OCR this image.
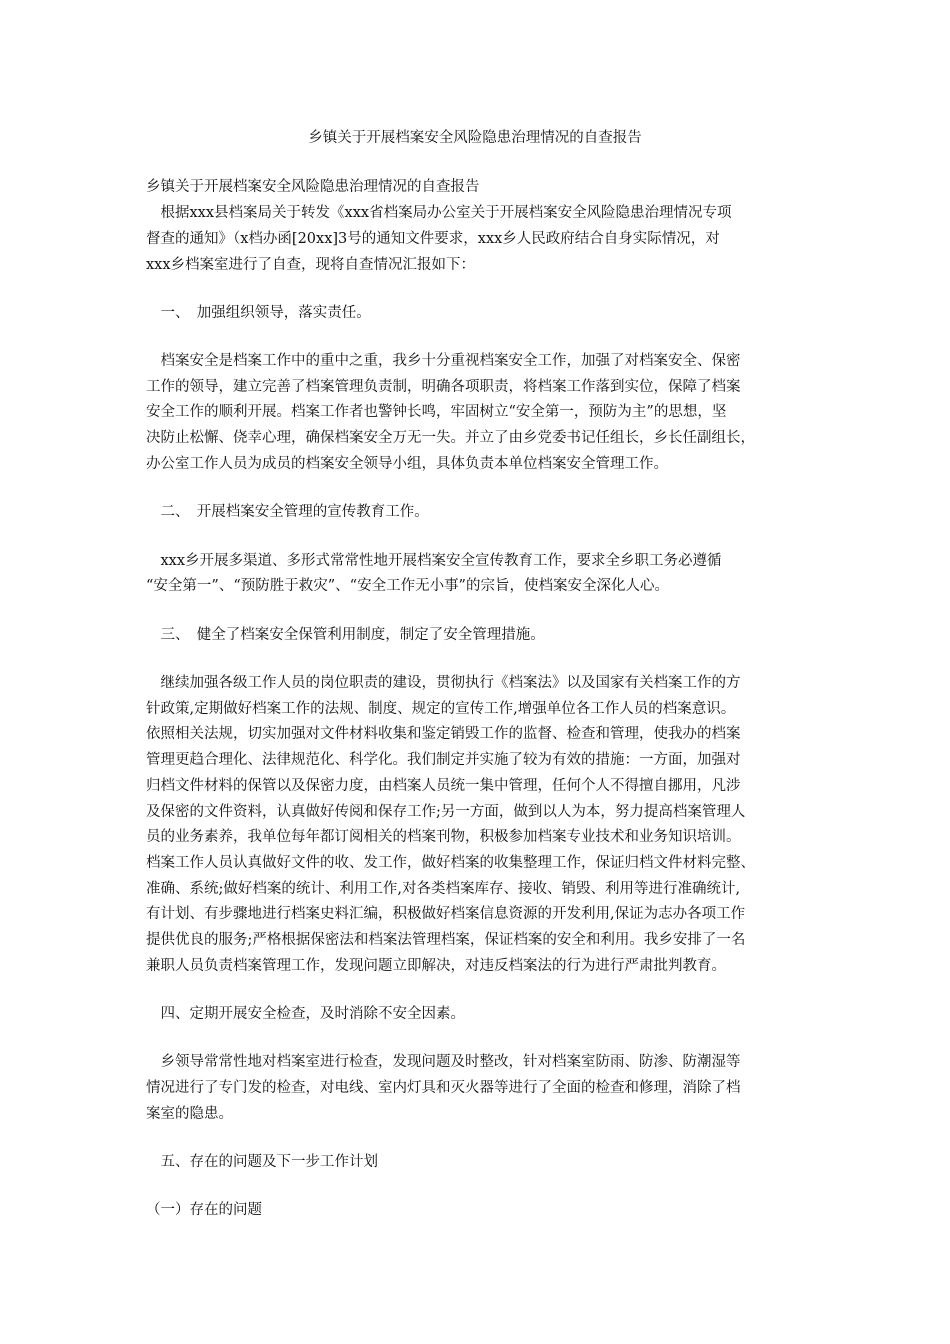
乡镇关于开展档案安全风险隐患治理情况的自查报告
乡镇关于开展档案安全风险隐患治理情况的自查报告
　根据xxx县档案局关于转发《xxx省档案局办公室关于开展档案安全风险隐患治理情况专项
督查的通知》（x档办函[20xx]3号的通知文件要求，xxx乡人民政府结合自身实际情况，对
xxx乡档案室进行了自查，现将自查情况汇报如下：
　一、　加强组织领导，落实责任。
　档案安全是档案工作中的重中之重，我乡十分重视档案安全工作，加强了对档案安全、保密
工作的领导，建立完善了档案管理负责制，明确各项职责，将档案工作落到实位，保障了档案
安全工作的顺利开展。档案工作者也警钟长鸣，牢固树立“安全第一，预防为主”的思想，坚
决防止松懈、侥幸心理，确保档案安全万无一失。并立了由乡党委书记任组长，乡长任副组长，
办公室工作人员为成员的档案安全领导小组，具体负责本单位档案安全管理工作。
　二、　开展档案安全管理的宣传教育工作。
　xxx乡开展多渠道、多形式常常性地开展档案安全宣传教育工作，要求全乡职工务必遵循
“安全第一”、“预防胜于救灾”、“安全工作无小事”的宗旨，使档案安全深化人心。
　三、　健全了档案安全保管利用制度，制定了安全管理措施。
　继续加强各级工作人员的岗位职责的建设，贯彻执行《档案法》以及国家有关档案工作的方
针政策,定期做好档案工作的法规、制度、规定的宣传工作,增强单位各工作人员的档案意识。
依照相关法规，切实加强对文件材料收集和鉴定销毁工作的监督、检查和管理，使我办的档案
管理更趋合理化、法律规范化、科学化。我们制定并实施了较为有效的措施：一方面，加强对
归档文件材料的保管以及保密力度，由档案人员统一集中管理，任何个人不得擅自挪用，凡涉
及保密的文件资料，认真做好传阅和保存工作;另一方面，做到以人为本，努力提高档案管理人
员的业务素养，我单位每年都订阅相关的档案刊物，积极参加档案专业技术和业务知识培训。
档案工作人员认真做好文件的收、发工作，做好档案的收集整理工作，保证归档文件材料完整、
准确、系统;做好档案的统计、利用工作,对各类档案库存、接收、销毁、利用等进行准确统计,
有计划、有步骤地进行档案史料汇编，积极做好档案信息资源的开发利用,保证为志办各项工作
提供优良的服务;严格根据保密法和档案法管理档案，保证档案的安全和利用。我乡安排了一名
兼职人员负责档案管理工作，发现问题立即解决，对违反档案法的行为进行严肃批判教育。
　四、定期开展安全检查，及时消除不安全因素。
　乡领导常常性地对档案室进行检查，发现问题及时整改，针对档案室防雨、防渗、防潮湿等
情况进行了专门发的检查，对电线、室内灯具和灭火器等进行了全面的检查和修理，消除了档
案室的隐患。
　五、存在的问题及下一步工作计划
（一）存在的问题
